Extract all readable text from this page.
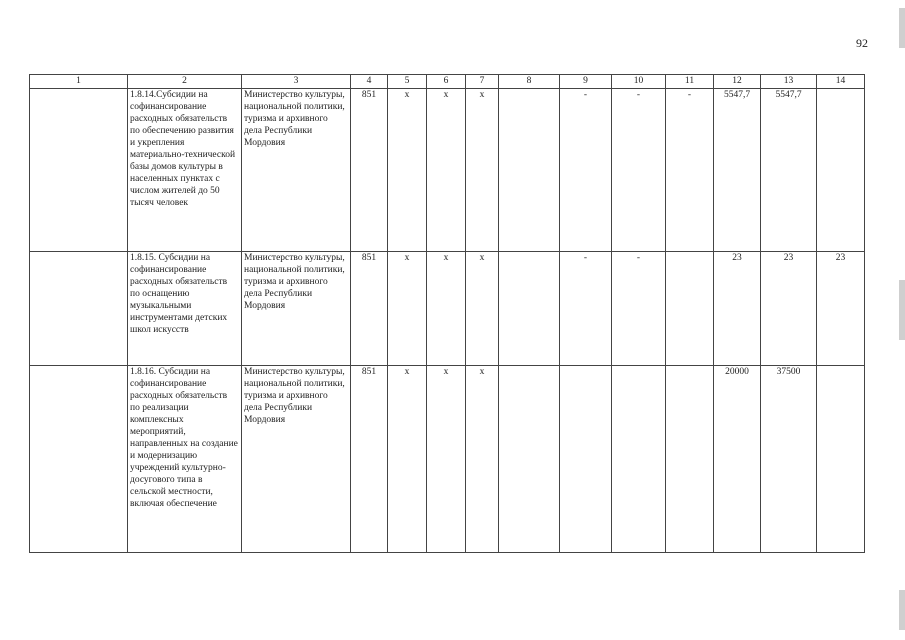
92
1	2	3	4	5	6	7	8	9	10	11	12	13	14
	1.8.14.Субсидии на софинансирование расходных обязательств по обеспечению развития и укрепления материально-технической базы домов культуры в населенных пунктах с числом жителей до 50 тысяч человек	Министерство культуры, национальной политики, туризма и архивного дела Республики Мордовия	851	х	х	х		-	-	-	5547,7	5547,7	
	1.8.15. Субсидии на софинансирование расходных обязательств по оснащению музыкальными инструментами детских школ искусств	Министерство культуры, национальной политики, туризма и архивного дела Республики Мордовия	851	х	х	х		-	-		23	23	23
	1.8.16. Субсидии на софинансирование расходных обязательств по реализации комплексных мероприятий, направленных на создание и модернизацию учреждений культурно-досугового типа в сельской местности, включая обеспечение	Министерство культуры, национальной политики, туризма и архивного дела Республики Мордовия	851	х	х	х					20000	37500	
